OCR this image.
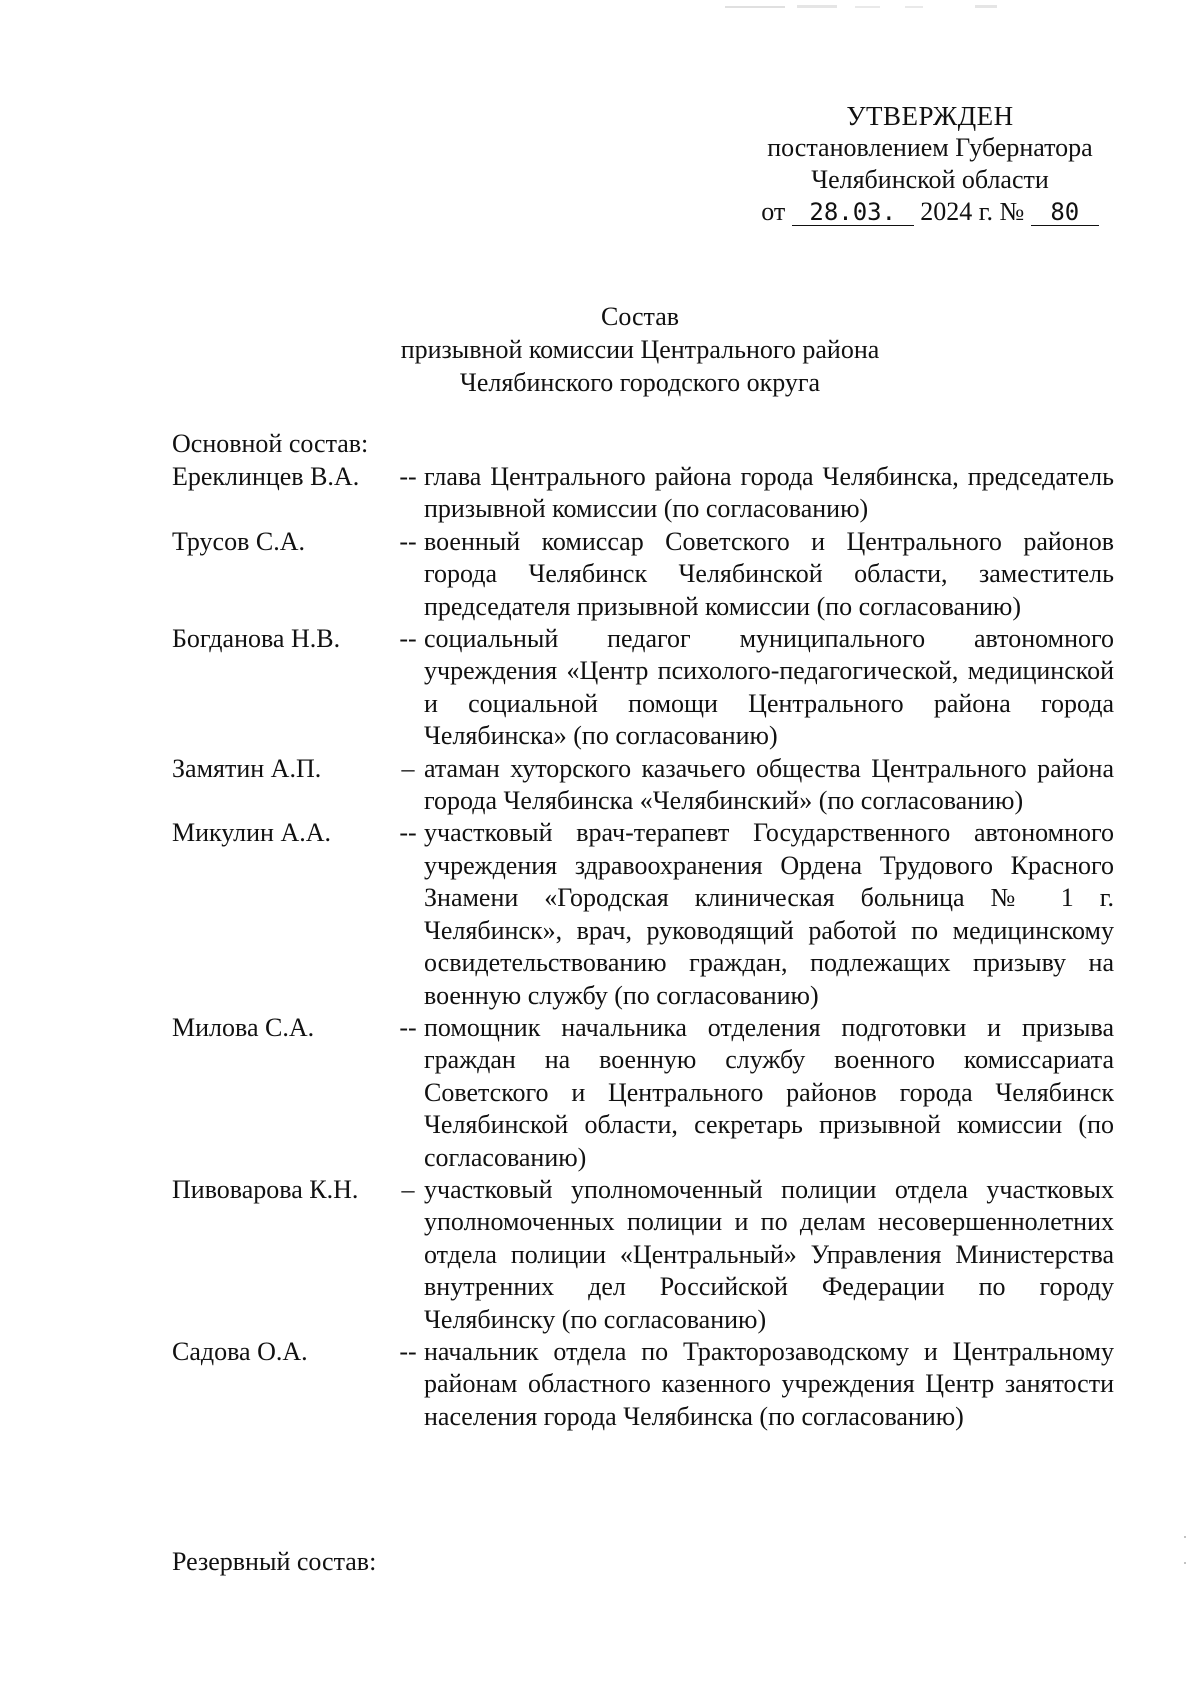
УТВЕРЖДЕН
постановлением Губернатора
Челябинской области
от 28.03. 2024 г. № 80
Состав
призывной комиссии Центрального района
Челябинского городского округа
Основной состав:
Ереклинцев В.А.	-- глава Центрального района города Челябинска, председатель призывной комиссии (по согласованию)
Трусов С.А.	-- военный комиссар Советского и Центрального районов города Челябинск Челябинской области, заместитель председателя призывной комиссии (по согласованию)
Богданова Н.В.	-- социальный педагог муниципального автономного учреждения «Центр психолого-педагогической, медицинской и социальной помощи Центрального района города Челябинска» (по согласованию)
Замятин А.П.	– атаман хуторского казачьего общества Центрального района города Челябинска «Челябинский» (по согласованию)
Микулин А.А.	-- участковый врач-терапевт Государственного автономного учреждения здравоохранения Ордена Трудового Красного Знамени «Городская клиническая больница № 1 г. Челябинск», врач, руководящий работой по медицинскому освидетельствованию граждан, подлежащих призыву на военную службу (по согласованию)
Милова С.А.	-- помощник начальника отделения подготовки и призыва граждан на военную службу военного комиссариата Советского и Центрального районов города Челябинск Челябинской области, секретарь призывной комиссии (по согласованию)
Пивоварова К.Н.	– участковый уполномоченный полиции отдела участковых уполномоченных полиции и по делам несовершеннолетних отдела полиции «Центральный» Управления Министерства внутренних дел Российской Федерации по городу Челябинску (по согласованию)
Садова О.А.	-- начальник отдела по Тракторозаводскому и Центральному районам областного казенного учреждения Центр занятости населения города Челябинска (по согласованию)
Резервный состав:
